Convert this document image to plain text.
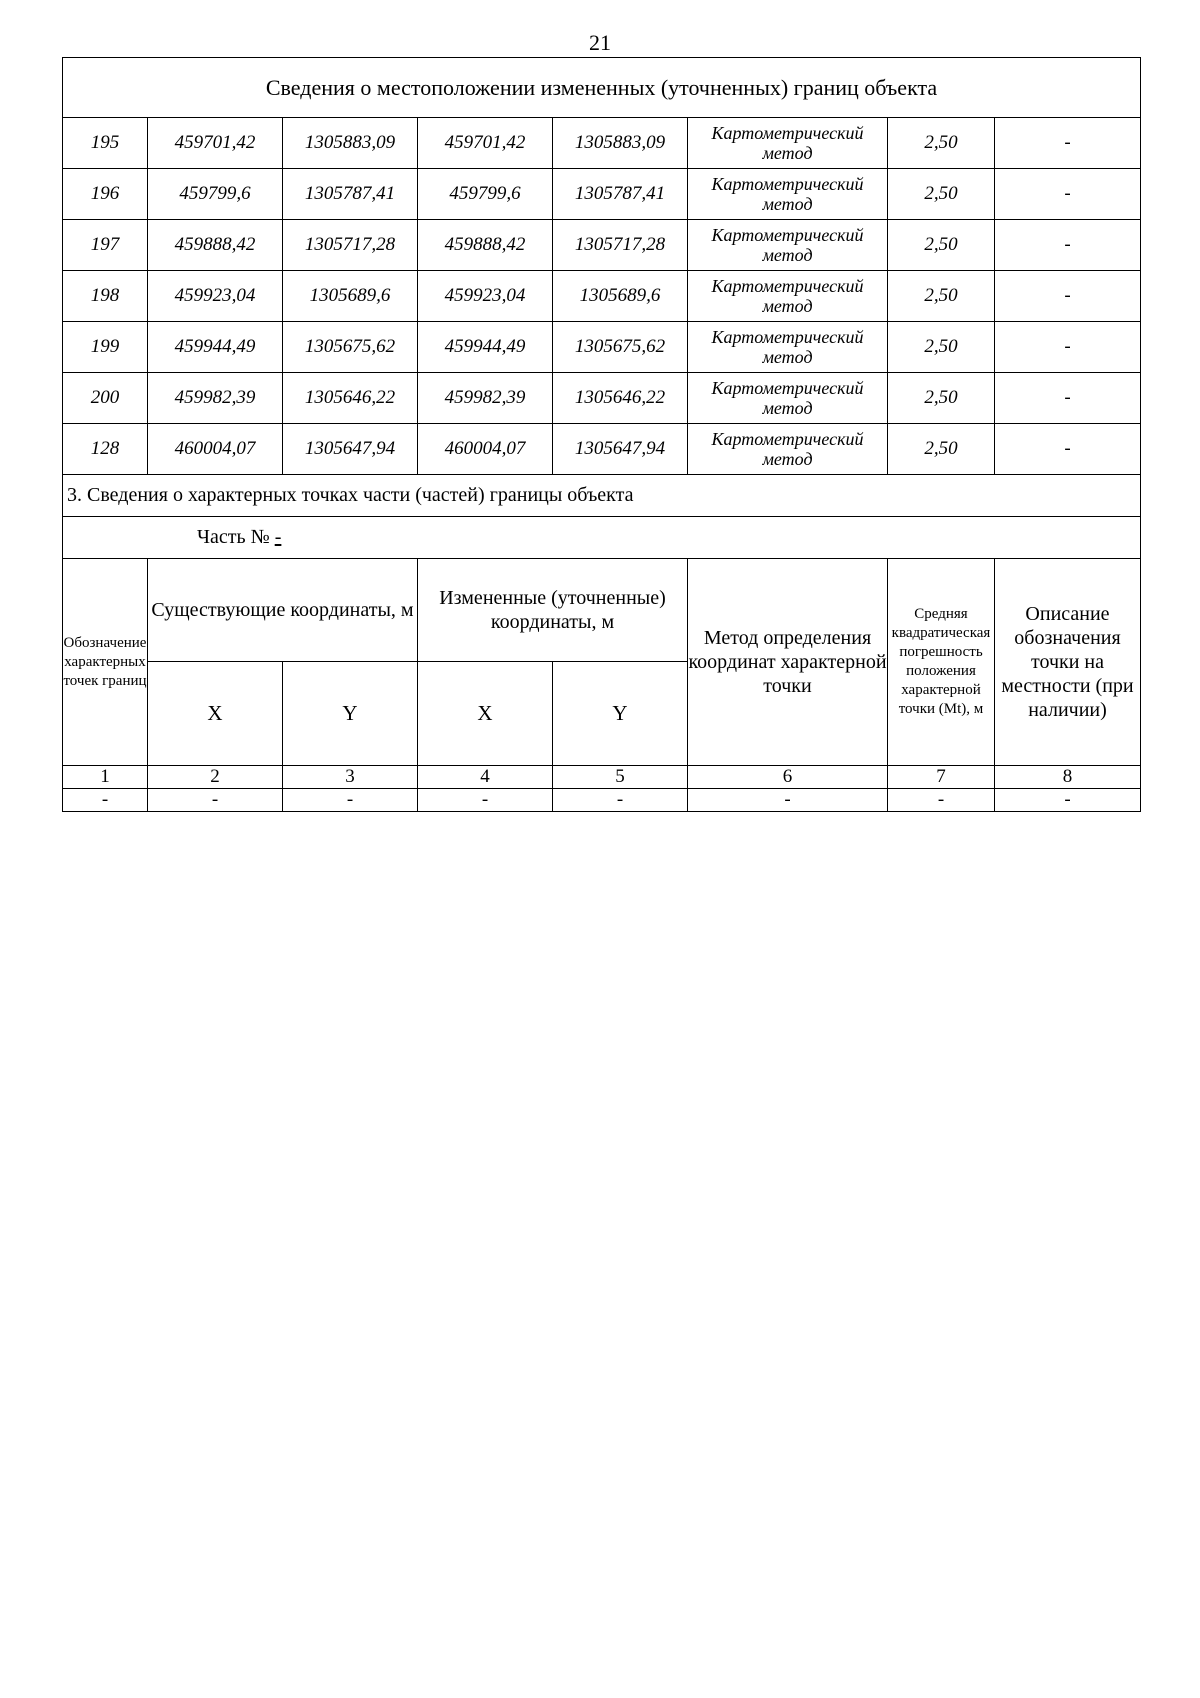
21
Сведения о местоположении измененных (уточненных) границ объекта							
195	459701,42	1305883,09	459701,42	1305883,09	Картометрический метод	2,50	-
196	459799,6	1305787,41	459799,6	1305787,41	Картометрический метод	2,50	-
197	459888,42	1305717,28	459888,42	1305717,28	Картометрический метод	2,50	-
198	459923,04	1305689,6	459923,04	1305689,6	Картометрический метод	2,50	-
199	459944,49	1305675,62	459944,49	1305675,62	Картометрический метод	2,50	-
200	459982,39	1305646,22	459982,39	1305646,22	Картометрический метод	2,50	-
128	460004,07	1305647,94	460004,07	1305647,94	Картометрический метод	2,50	-
3. Сведения о характерных точках части (частей) границы объекта							
Часть № -							
Обозначение характерных точек границ	Существующие координаты, м		Измененные (уточненные) координаты, м		Метод определения координат характерной точки	Средняя квадратическая погрешность положения характерной точки (Mt), м	Описание обозначения точки на местности (при наличии)
	X	Y	X	Y			
1	2	3	4	5	6	7	8
-	-	-	-	-	-	-	-
